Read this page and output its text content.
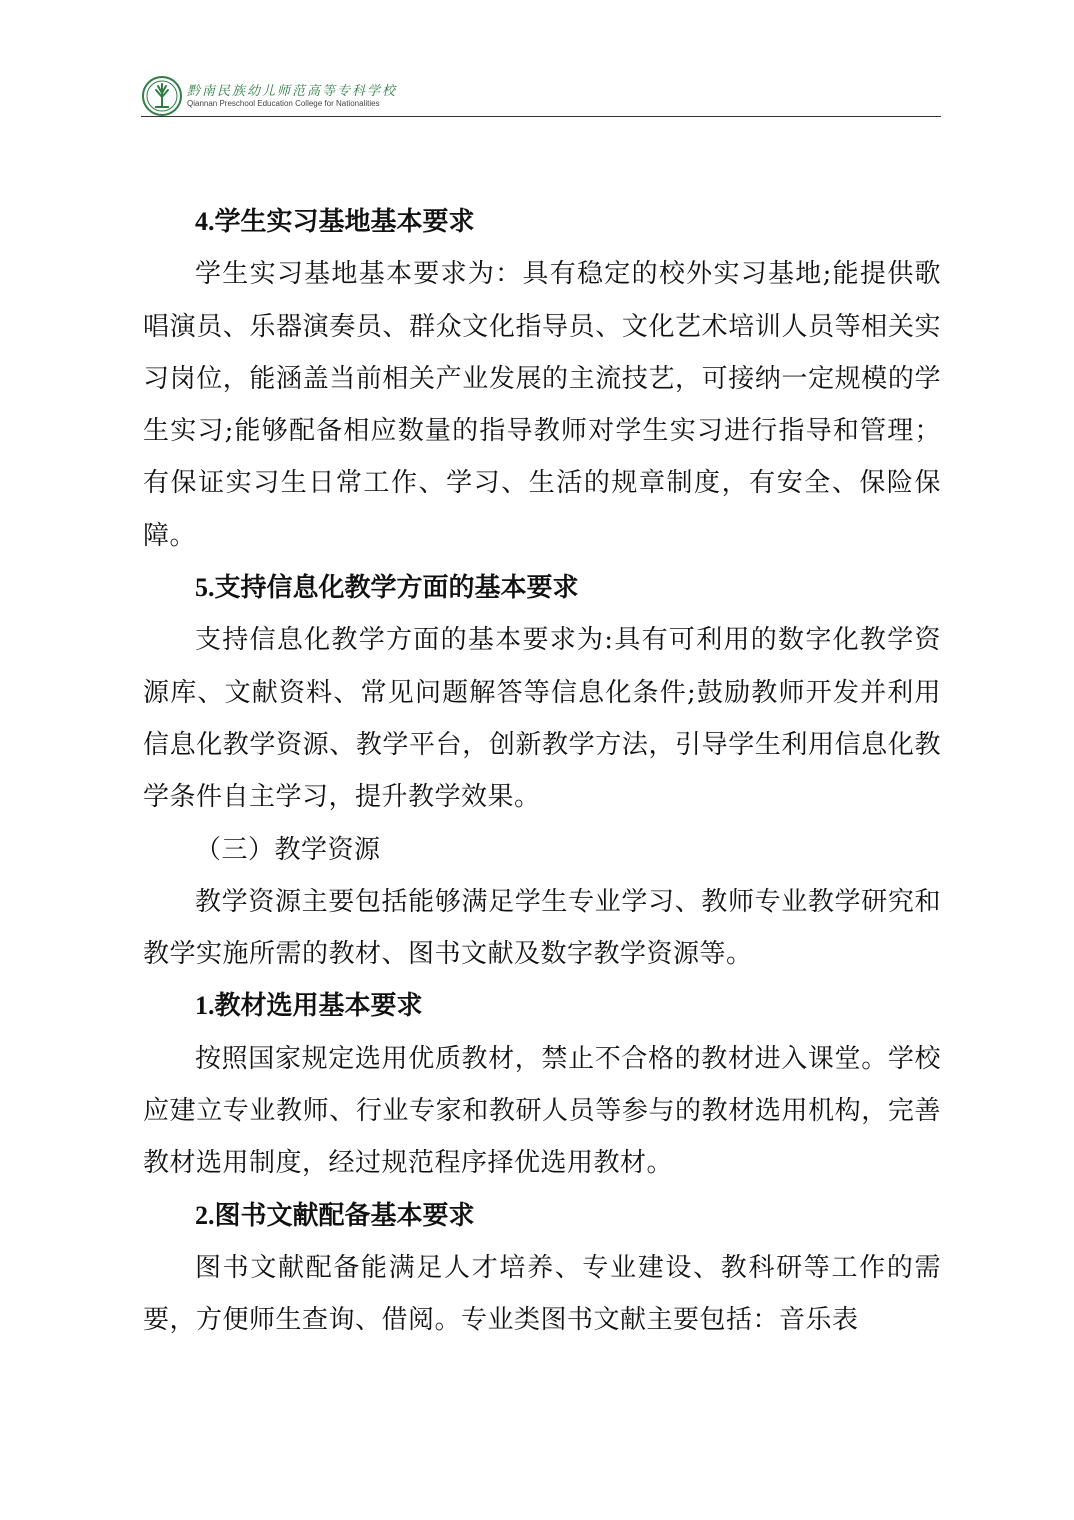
黔南民族幼儿师范高等专科学校
Qiannan Preschool Education College for Nationalities

4.学生实习基地基本要求

学生实习基地基本要求为：具有稳定的校外实习基地;能提供歌唱演员、乐器演奏员、群众文化指导员、文化艺术培训人员等相关实习岗位，能涵盖当前相关产业发展的主流技艺，可接纳一定规模的学生实习;能够配备相应数量的指导教师对学生实习进行指导和管理；有保证实习生日常工作、学习、生活的规章制度，有安全、保险保障。

5.支持信息化教学方面的基本要求

支持信息化教学方面的基本要求为:具有可利用的数字化教学资源库、文献资料、常见问题解答等信息化条件;鼓励教师开发并利用信息化教学资源、教学平台，创新教学方法，引导学生利用信息化教学条件自主学习，提升教学效果。

（三）教学资源

教学资源主要包括能够满足学生专业学习、教师专业教学研究和教学实施所需的教材、图书文献及数字教学资源等。

1.教材选用基本要求

按照国家规定选用优质教材，禁止不合格的教材进入课堂。学校应建立专业教师、行业专家和教研人员等参与的教材选用机构，完善教材选用制度，经过规范程序择优选用教材。

2.图书文献配备基本要求

图书文献配备能满足人才培养、专业建设、教科研等工作的需要，方便师生查询、借阅。专业类图书文献主要包括：音乐表
